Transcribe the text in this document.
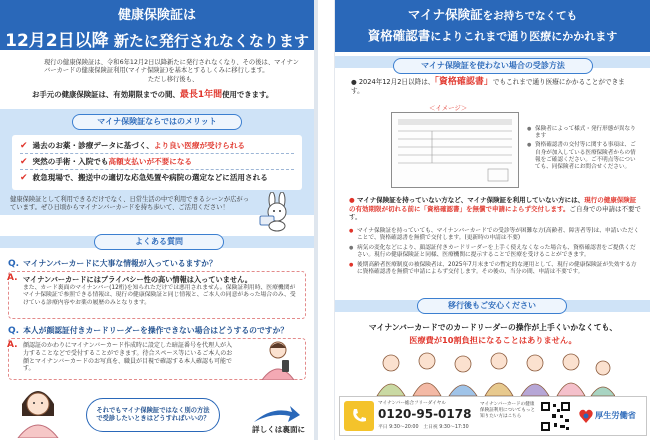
健康保険証は
12月2日以降 新たに発行されなくなります
現行の健康保険証は、令和6年12月2日以降新たに発行されなくなり、その後は、マイナンバーカードの健康保険証利用(マイナ保険証)を基本とするしくみに移行します。
ただし移行後も、
お手元の健康保険証は、有効期限までの間、最長1年間使用できます。
マイナ保険証ならではのメリット
✔ 過去のお薬・診療データに基づく、 より良い医療が受けられる
✔ 突然の手術・入院でも 高額支払いが不要になる
✔ 救急現場で、搬送中の適切な応急処置や病院の選定などに活用される
健康保険証として利用できるだけでなく、日常生活の中で利用できるシーンが広がっています。ぜひ日頃からマイナンバーカードを持ち歩いて、ご活用ください！
よくある質問
Q. マイナンバーカードに大事な情報が入っているますか？
A. マイナンバーカードにはプライバシー性の高い情報は入っていません。
また、カード裏面のマイナンバー(12桁)を知られただけでは悪用されません。保険証利用時、医療機関がマイナ保険証で参照できる情報は、現行の健康保険証と同じ情報と、ご本人の同意があった場合のみ、受けている診療内容やお薬の履歴のみとなります。
Q. 本人が顔認証付きカードリーダーを操作できない場合はどうするのですか？
A. 顔認証のかわりにマイナンバーカード作成時に設定した暗証番号を代理人が入力することなどで受付することができます。待合スペース等にいるご本人のお顔とマイナンバーカードのお写真を、職員が目視で確認する本人確認も可能です。
それでもマイナ保険証ではなく別の方法で受診したいときはどうすればいいの？
詳しくは裏面に
マイナ保険証をお持ちでなくても
資格確認書によりこれまで通り医療にかかれます
マイナ保険証を使わない場合の受診方法
● 2024年12月2日以降は、「資格確認書」でもこれまで通り医療にかかることができます。
＜イメージ＞
● 保険者によって様式・発行形態が異なります
● 資格確認書の交付等に関する事項は、ご自身が加入している医療保険者からの情報をご確認ください。ご不明点等についても、同保険者にお問合せください。
● マイナ保険証を持っていない方など、マイナ保険証を利用していない方には、現行の健康保険証の有効期限が切れる前に「資格確認書」を無償で申請によらず交付します。ご自身での申請は不要です。
● マイナ保険証を持っていても、マイナンバーカードでの受診等が困難な方(高齢者、障害者等)は、申請いただくことで、資格確認書を無償で交付します。(更新時の申請は不要)
● 病気の変化などにより、顔認証付きカードリーダーを上手く使えなくなった場合も、資格確認書をご提供ください。現行の健康保険証と同様、医療機関に提示することで医療を受けることができます。
● 後期高齢者医療制度の被保険者は、2025年7月末までの暫定的な運用として、現行の健康保険証が失効する方に資格確認書を無償で申請によらず交付します。その後の、当分の間、申請は不要です。
移行後もご安心ください
マイナンバーカードでのカードリーダーの操作が上手くいかなくても、
医療費が10割負担になることはありません。
マイナンバー総合フリーダイヤル
0120-95-0178
平日 9:30〜20:00　 土日祝 9:30〜17:30
マイナンバーカードの健康保険証利用についてもっと知りたい方はこちら	厚生労働省
